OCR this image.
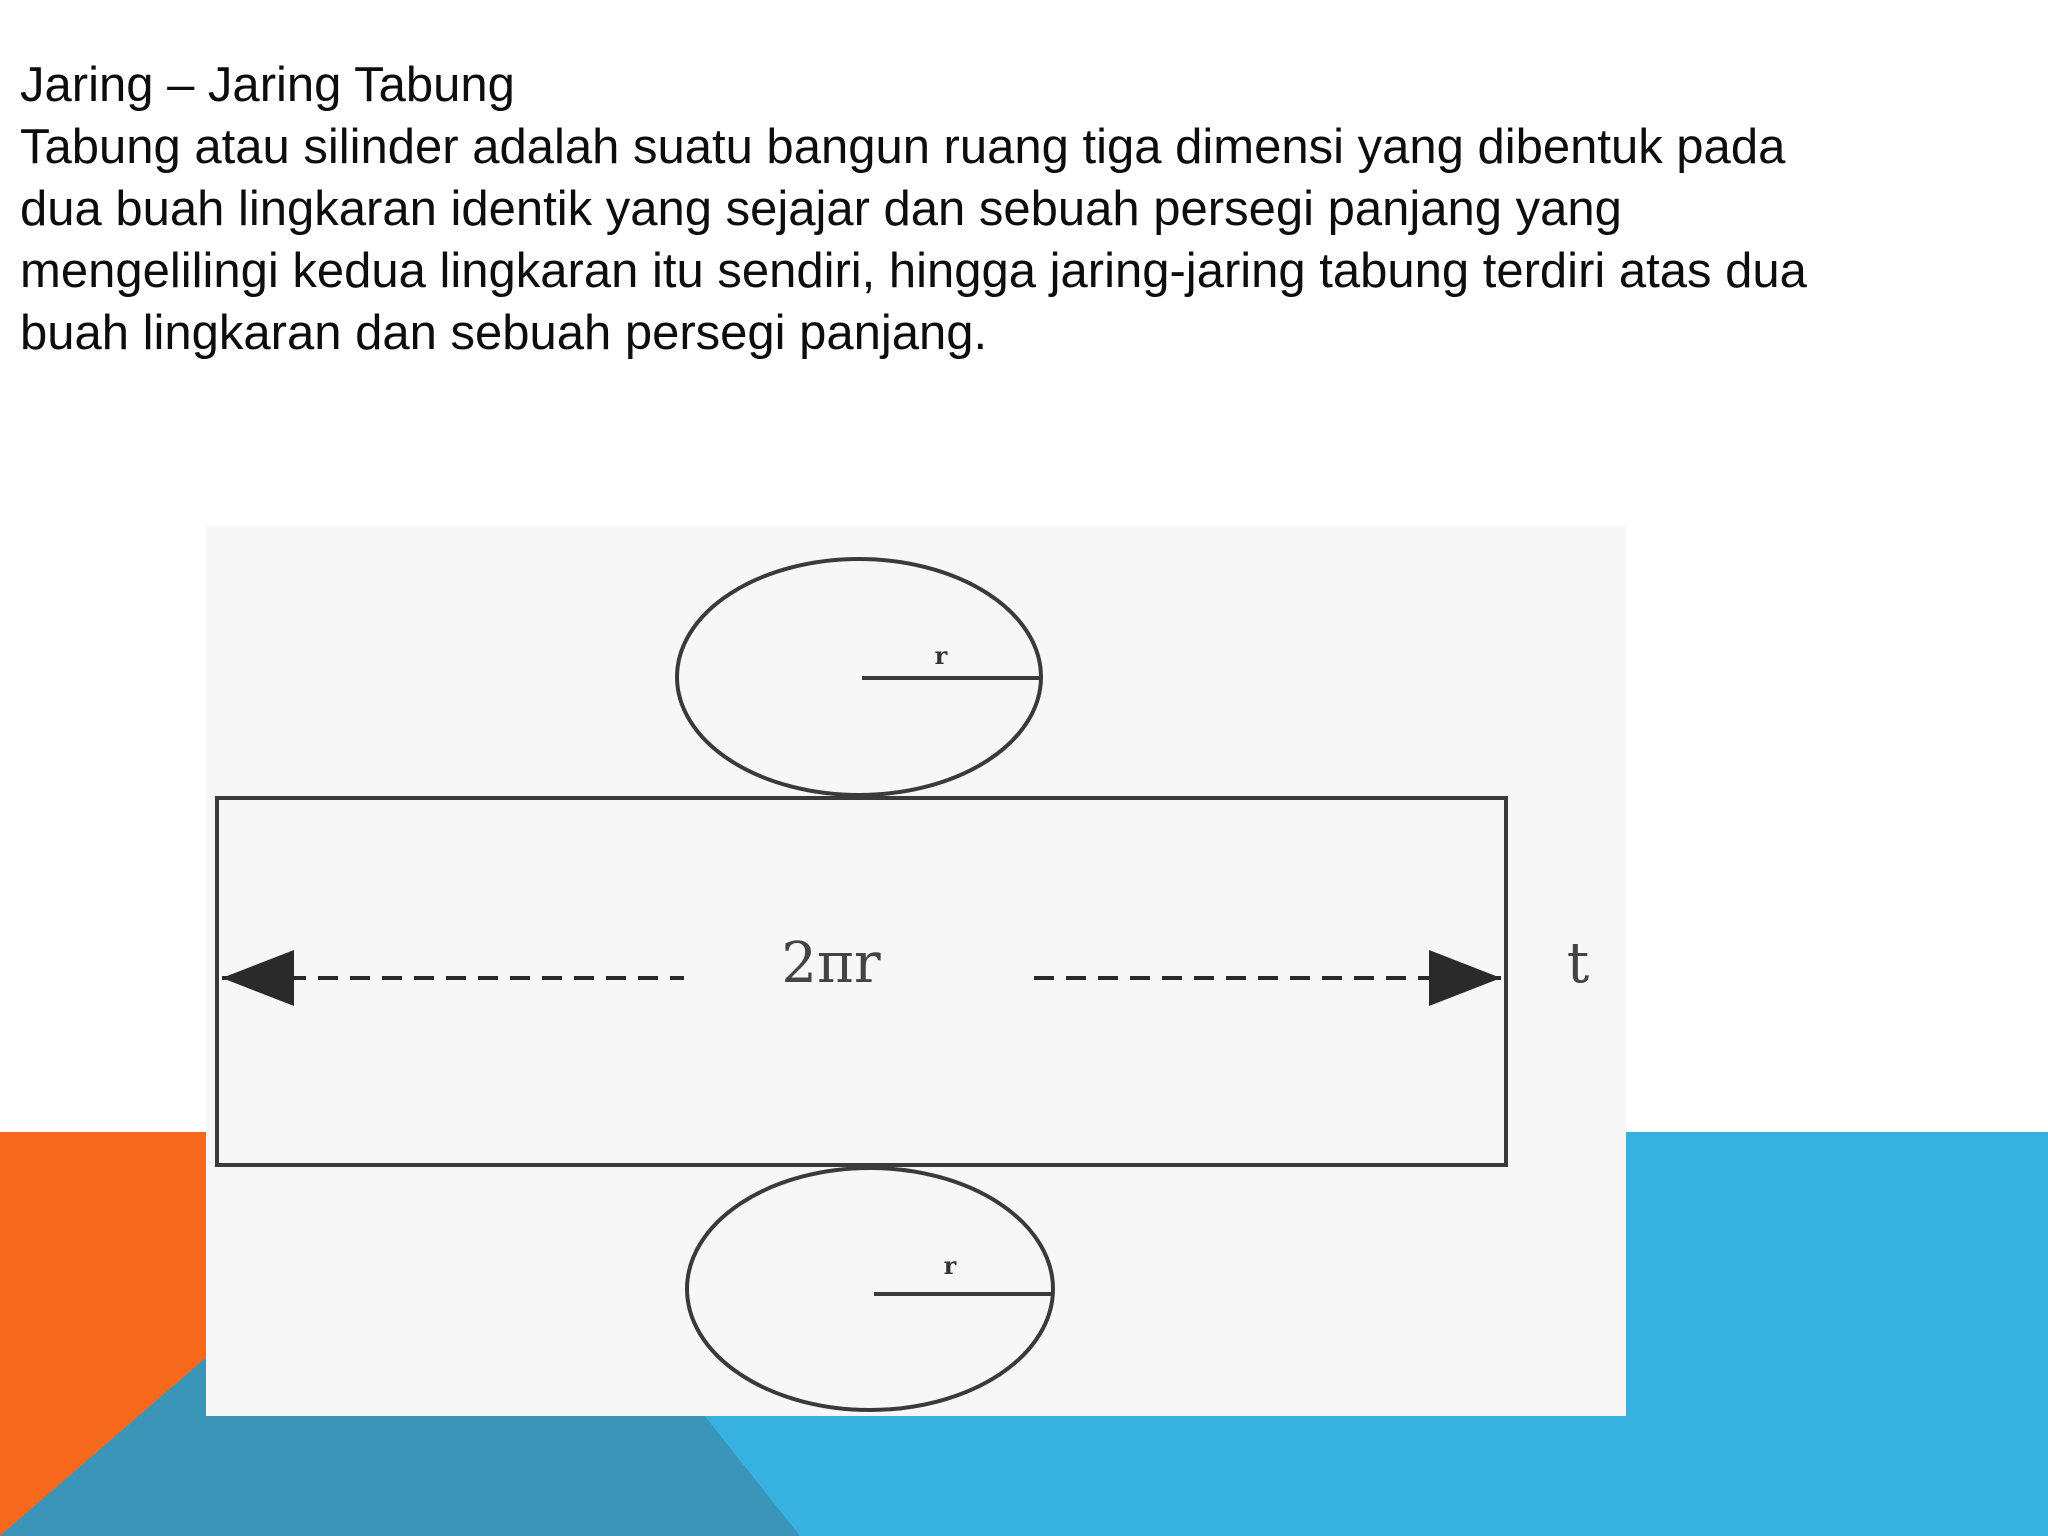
Jaring – Jaring Tabung
Tabung atau silinder adalah suatu bangun ruang tiga dimensi yang dibentuk pada
dua buah lingkaran identik yang sejajar dan sebuah persegi panjang yang
mengelilingi kedua lingkaran itu sendiri, hingga jaring-jaring tabung terdiri atas dua
buah lingkaran dan sebuah persegi panjang.
r
2πr	t
r
